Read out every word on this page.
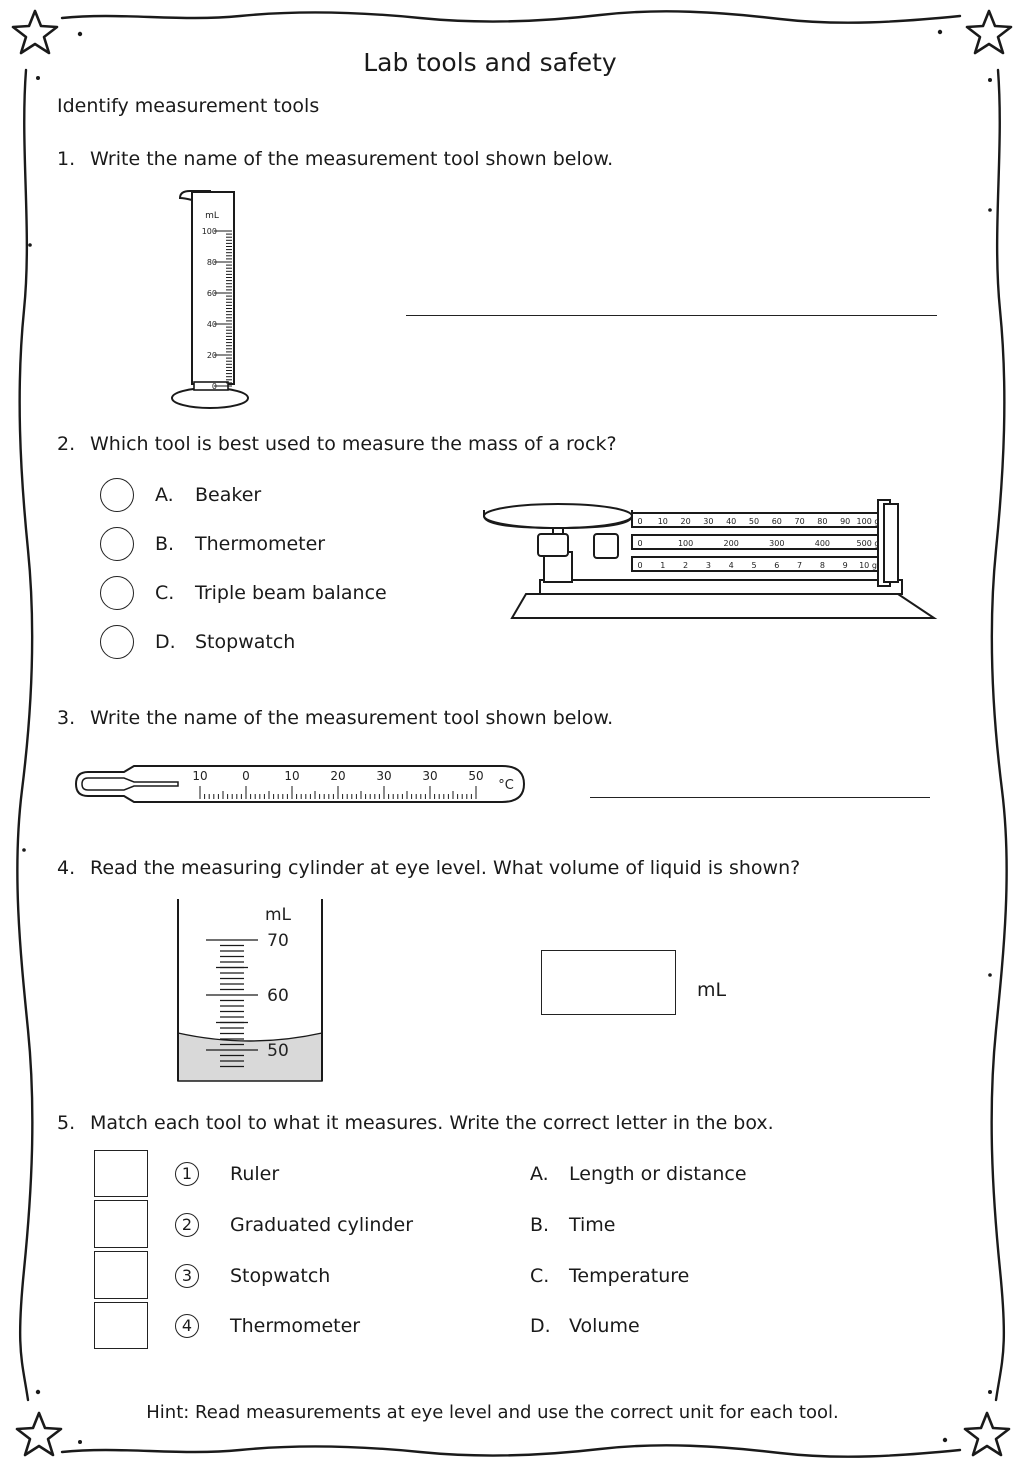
Lab tools and safety
Identify measurement tools
1. Write the name of the measurement tool shown below.
mL
100
80
60
40
20
0
2. Which tool is best used to measure the mass of a rock?
A. Beaker
B. Thermometer
C. Triple beam balance
D. Stopwatch
0 10 20 30 40 50 60 70 80 90 100 g
0	100	200	300	400	500 g
0 1 2 3 4 5 6 7 8 9 10 g
3. Write the name of the measurement tool shown below.
10	0	10	20	30	30	50
°C
4. Read the measuring cylinder at eye level. What volume of liquid is shown?
mL
70
60
50
mL
5. Match each tool to what it measures. Write the correct letter in the box.
1	Ruler	A. Length or distance
2	Graduated cylinder	B. Time
3	Stopwatch	C. Temperature
4	Thermometer	D. Volume
Hint: Read measurements at eye level and use the correct unit for each tool.
